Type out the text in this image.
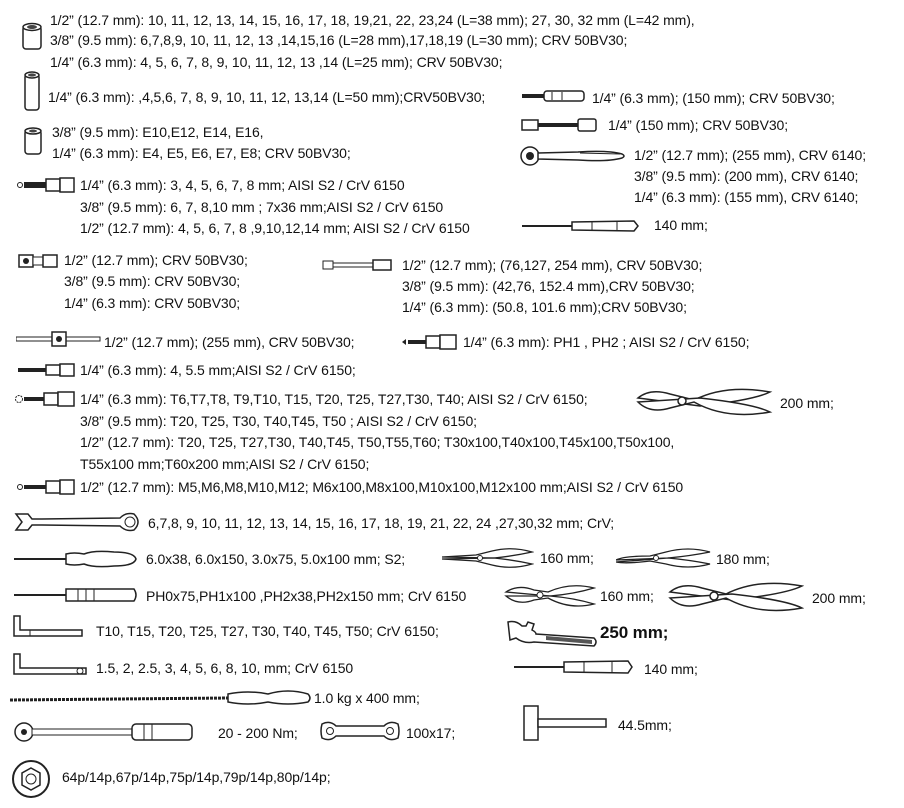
1/2” (12.7 mm): 10, 11, 12, 13, 14, 15, 16, 17, 18, 19,21, 22, 23,24 (L=38 mm); 27, 30, 32 mm (L=42 mm),
3/8” (9.5 mm): 6,7,8,9, 10, 11, 12, 13 ,14,15,16 (L=28 mm),17,18,19 (L=30 mm); CRV 50BV30;
1/4” (6.3 mm): 4, 5, 6, 7, 8, 9, 10, 11, 12, 13 ,14 (L=25 mm); CRV 50BV30;
1/4” (6.3 mm): ,4,5,6, 7, 8, 9, 10, 11, 12, 13,14 (L=50 mm);CRV50BV30;	1/4” (6.3 mm); (150 mm); CRV 50BV30;
1/4” (150 mm); CRV 50BV30;
3/8” (9.5 mm): E10,E12, E14, E16,
1/4” (6.3 mm): E4, E5, E6, E7, E8; CRV 50BV30;	1/2” (12.7 mm); (255 mm), CRV 6140;
3/8” (9.5 mm): (200 mm), CRV 6140;
1/4” (6.3 mm): (155 mm), CRV 6140;
1/4” (6.3 mm): 3, 4, 5, 6, 7, 8 mm; AISI S2 / CrV 6150
3/8” (9.5 mm): 6, 7, 8,10 mm ; 7x36 mm;AISI S2 / CrV 6150
1/2” (12.7 mm): 4, 5, 6, 7, 8 ,9,10,12,14 mm; AISI S2 / CrV 6150	140 mm;
1/2” (12.7 mm); CRV 50BV30;
3/8” (9.5 mm): CRV 50BV30;
1/4” (6.3 mm): CRV 50BV30;
1/2” (12.7 mm); (76,127, 254 mm), CRV 50BV30;
3/8” (9.5 mm): (42,76, 152.4 mm),CRV 50BV30;
1/4” (6.3 mm): (50.8, 101.6 mm);CRV 50BV30;
1/2” (12.7 mm); (255 mm), CRV 50BV30;	1/4” (6.3 mm): PH1 , PH2 ; AISI S2 / CrV 6150;
1/4” (6.3 mm): 4, 5.5 mm;AISI S2 / CrV 6150;
1/4” (6.3 mm): T6,T7,T8, T9,T10, T15, T20, T25, T27,T30, T40; AISI S2 / CrV 6150;
3/8” (9.5 mm): T20, T25, T30, T40,T45, T50 ; AISI S2 / CrV 6150;
1/2” (12.7 mm): T20, T25, T27,T30, T40,T45, T50,T55,T60; T30x100,T40x100,T45x100,T50x100,
T55x100 mm;T60x200 mm;AISI S2 / CrV 6150;
200 mm;
1/2” (12.7 mm): M5,M6,M8,M10,M12; M6x100,M8x100,M10x100,M12x100 mm;AISI S2 / CrV 6150
6,7,8, 9, 10, 11, 12, 13, 14, 15, 16, 17, 18, 19, 21, 22, 24 ,27,30,32 mm; CrV;
6.0x38, 6.0x150, 3.0x75, 5.0x100 mm; S2;	160 mm;	180 mm;
PH0x75,PH1x100 ,PH2x38,PH2x150 mm; CrV 6150	160 mm;	200 mm;
T10, T15, T20, T25, T27, T30, T40, T45, T50; CrV 6150;	250 mm;
1.5, 2, 2.5, 3, 4, 5, 6, 8, 10, mm; CrV 6150	140 mm;
1.0 kg x 400 mm;
20 - 200 Nm;	100x17;	44.5mm;
64p/14p,67p/14p,75p/14p,79p/14p,80p/14p;
